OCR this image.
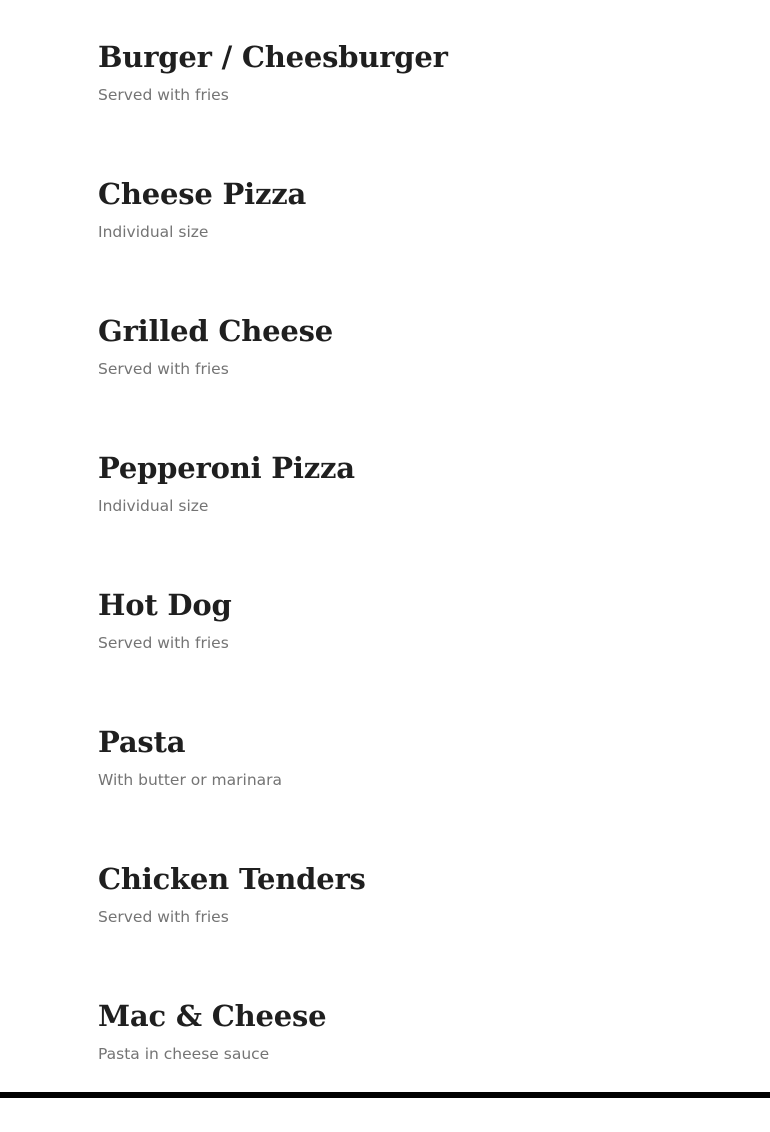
Burger / Cheesburger
Served with fries
Cheese Pizza
Individual size
Grilled Cheese
Served with fries
Pepperoni Pizza
Individual size
Hot Dog
Served with fries
Pasta
With butter or marinara
Chicken Tenders
Served with fries
Mac & Cheese
Pasta in cheese sauce
